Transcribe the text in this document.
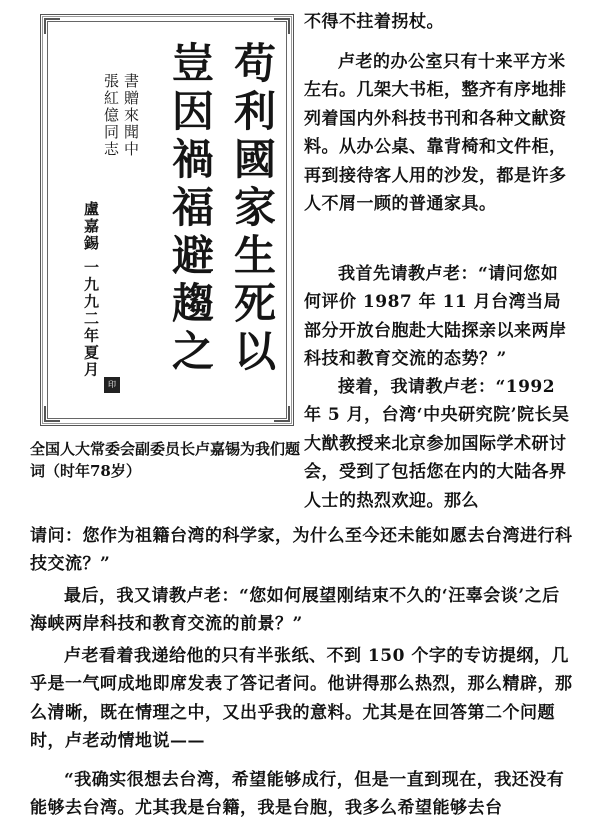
苟利國家生死以
豈因禍福避趨之
書贈來聞中
張紅億同志
盧嘉錫 一九九二年夏月
印
全国人大常委会副委员长卢嘉锡为我们题词（时年78岁）

不得不拄着拐杖。

卢老的办公室只有十来平方米左右。几架大书柜，整齐有序地排列着国内外科技书刊和各种文献资料。从办公桌、靠背椅和文件柜，再到接待客人用的沙发，都是许多人不屑一顾的普通家具。

我首先请教卢老：“请问您如何评价 1987 年 11 月台湾当局部分开放台胞赴大陆探亲以来两岸科技和教育交流的态势？”

接着，我请教卢老：“1992 年 5 月，台湾‘中央研究院’院长吴大猷教授来北京参加国际学术研讨会，受到了包括您在内的大陆各界人士的热烈欢迎。那么

请问：您作为祖籍台湾的科学家，为什么至今还未能如愿去台湾进行科技交流？”

最后，我又请教卢老：“您如何展望刚结束不久的‘汪辜会谈’之后海峡两岸科技和教育交流的前景？”

卢老看着我递给他的只有半张纸、不到 150 个字的专访提纲，几乎是一气呵成地即席发表了答记者问。他讲得那么热烈，那么精辟，那么清晰，既在情理之中，又出乎我的意料。尤其是在回答第二个问题时，卢老动情地说——

“我确实很想去台湾，希望能够成行，但是一直到现在，我还没有能够去台湾。尤其我是台籍，我是台胞，我多么希望能够去台
